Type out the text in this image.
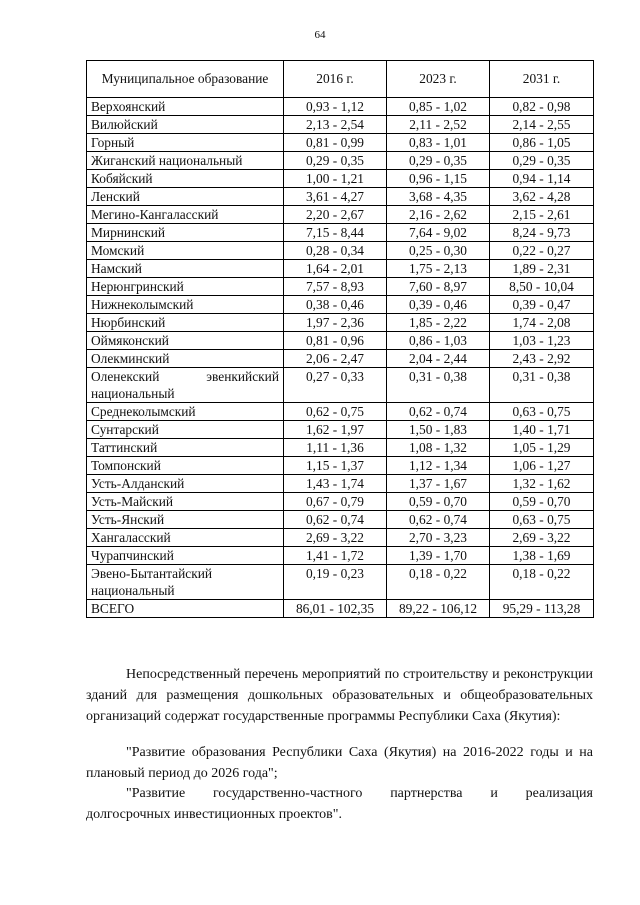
64
Муниципальное образование	2016 г.	2023 г.	2031 г.
Верхоянский	0,93 - 1,12	0,85 - 1,02	0,82 - 0,98
Вилюйский	2,13 - 2,54	2,11 - 2,52	2,14 - 2,55
Горный	0,81 - 0,99	0,83 - 1,01	0,86 - 1,05
Жиганский национальный	0,29 - 0,35	0,29 - 0,35	0,29 - 0,35
Кобяйский	1,00 - 1,21	0,96 - 1,15	0,94 - 1,14
Ленский	3,61 - 4,27	3,68 - 4,35	3,62 - 4,28
Мегино-Кангаласский	2,20 - 2,67	2,16 - 2,62	2,15 - 2,61
Мирнинский	7,15 - 8,44	7,64 - 9,02	8,24 - 9,73
Момский	0,28 - 0,34	0,25 - 0,30	0,22 - 0,27
Намский	1,64 - 2,01	1,75 - 2,13	1,89 - 2,31
Нерюнгринский	7,57 - 8,93	7,60 - 8,97	8,50 - 10,04
Нижнеколымский	0,38 - 0,46	0,39 - 0,46	0,39 - 0,47
Нюрбинский	1,97 - 2,36	1,85 - 2,22	1,74 - 2,08
Оймяконский	0,81 - 0,96	0,86 - 1,03	1,03 - 1,23
Олекминский	2,06 - 2,47	2,04 - 2,44	2,43 - 2,92
Оленекский эвенкийский национальный	0,27 - 0,33	0,31 - 0,38	0,31 - 0,38
Среднеколымский	0,62 - 0,75	0,62 - 0,74	0,63 - 0,75
Сунтарский	1,62 - 1,97	1,50 - 1,83	1,40 - 1,71
Таттинский	1,11 - 1,36	1,08 - 1,32	1,05 - 1,29
Томпонский	1,15 - 1,37	1,12 - 1,34	1,06 - 1,27
Усть-Алданский	1,43 - 1,74	1,37 - 1,67	1,32 - 1,62
Усть-Майский	0,67 - 0,79	0,59 - 0,70	0,59 - 0,70
Усть-Янский	0,62 - 0,74	0,62 - 0,74	0,63 - 0,75
Хангаласский	2,69 - 3,22	2,70 - 3,23	2,69 - 3,22
Чурапчинский	1,41 - 1,72	1,39 - 1,70	1,38 - 1,69
Эвено-Бытантайский национальный	0,19 - 0,23	0,18 - 0,22	0,18 - 0,22
ВСЕГО	86,01 - 102,35	89,22 - 106,12	95,29 - 113,28
Непосредственный перечень мероприятий по строительству и реконструкции зданий для размещения дошкольных образовательных и общеобразовательных организаций содержат государственные программы Республики Саха (Якутия):
"Развитие образования Республики Саха (Якутия) на 2016-2022 годы и на плановый период до 2026 года";
"Развитие государственно-частного партнерства и реализация
долгосрочных инвестиционных проектов".
